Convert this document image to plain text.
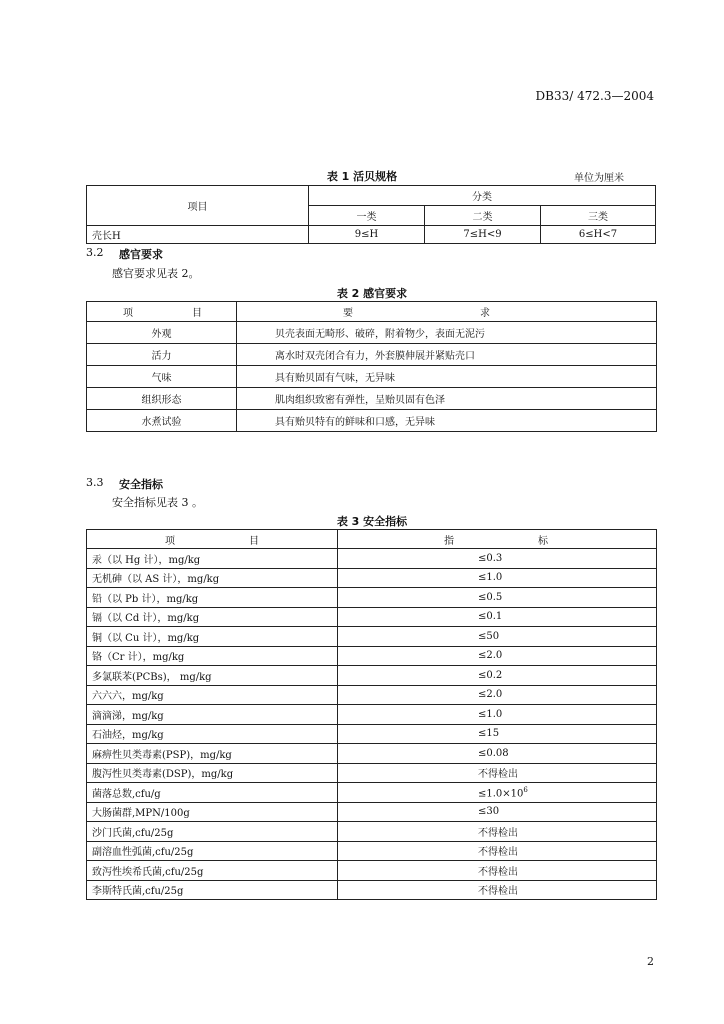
DB33/ 472.3—2004
表 1 活贝规格	单位为厘米
项目	分类		
	一类	二类	三类
壳长H	9≤H	7≤H<9	6≤H<7
3.2 感官要求
感官要求见表 2。
表 2 感官要求
项 目	要 求

外观	贝壳表面无畸形、破碎，附着物少，表面无泥污
活力	离水时双壳闭合有力，外套膜伸展并紧贴壳口
气味	具有贻贝固有气味，无异味
组织形态	肌肉组织致密有弹性，呈贻贝固有色泽
水煮试验	具有贻贝特有的鲜味和口感，无异味
3.3 安全指标
安全指标见表 3 。
表 3 安全指标
项 目	指 标

汞（以 Hg 计），mg/kg	≤0.3
无机砷（以 AS 计），mg/kg	≤1.0
铅（以 Pb 计），mg/kg	≤0.5
镉（以 Cd 计），mg/kg	≤0.1
铜（以 Cu 计），mg/kg	≤50
铬（Cr 计），mg/kg	≤2.0
多氯联苯(PCBs)， mg/kg	≤0.2
六六六，mg/kg	≤2.0
滴滴涕，mg/kg	≤1.0
石油烃，mg/kg	≤15
麻痹性贝类毒素(PSP)，mg/kg	≤0.08
腹泻性贝类毒素(DSP)，mg/kg	不得检出
菌落总数,cfu/g	$\le 1.0\times 10^6$
大肠菌群,MPN/100g	≤30
沙门氏菌,cfu/25g	不得检出
副溶血性弧菌,cfu/25g	不得检出
致泻性埃希氏菌,cfu/25g	不得检出
李斯特氏菌,cfu/25g	不得检出
2
